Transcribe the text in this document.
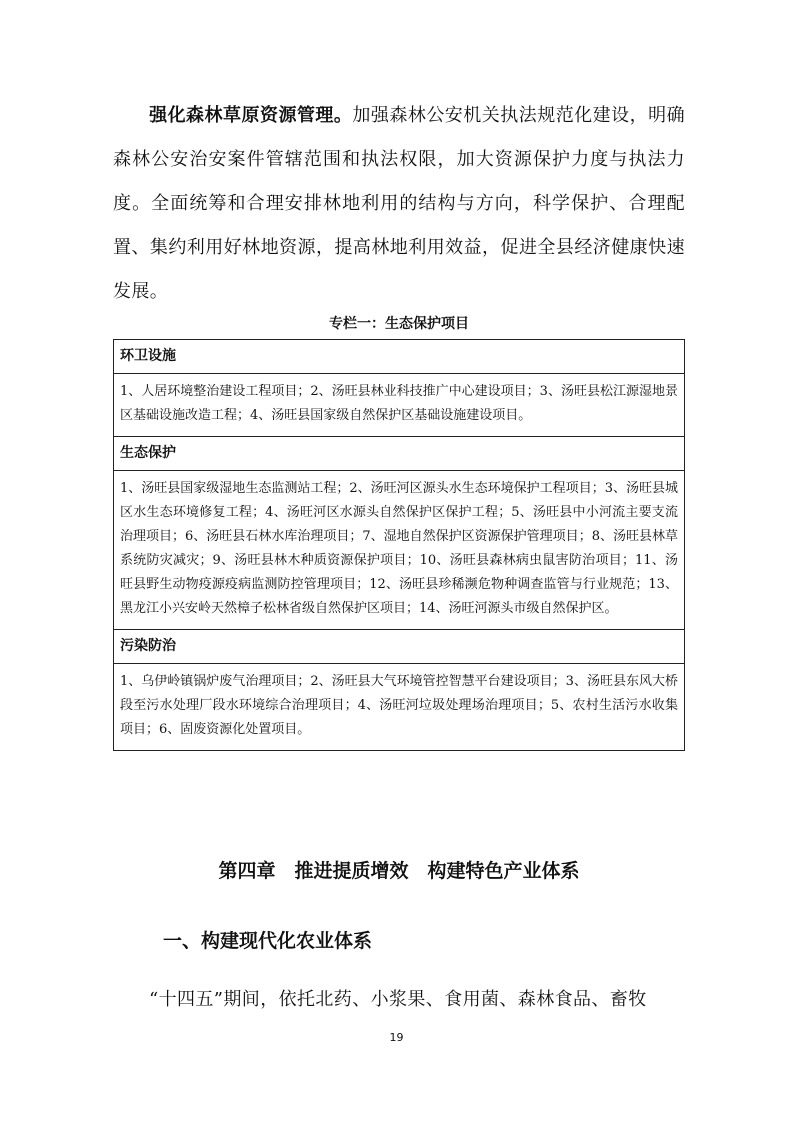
强化森林草原资源管理。加强森林公安机关执法规范化建设，明确森林公安治安案件管辖范围和执法权限，加大资源保护力度与执法力度。全面统筹和合理安排林地利用的结构与方向，科学保护、合理配置、集约利用好林地资源，提高林地利用效益，促进全县经济健康快速发展。
专栏一：生态保护项目
环卫设施
1、人居环境整治建设工程项目；2、汤旺县林业科技推广中心建设项目；3、汤旺县松江源湿地景区基础设施改造工程；4、汤旺县国家级自然保护区基础设施建设项目。
生态保护
1、汤旺县国家级湿地生态监测站工程；2、汤旺河区源头水生态环境保护工程项目；3、汤旺县城区水生态环境修复工程；4、汤旺河区水源头自然保护区保护工程；5、汤旺县中小河流主要支流治理项目；6、汤旺县石林水库治理项目；7、湿地自然保护区资源保护管理项目；8、汤旺县林草系统防灾减灾；9、汤旺县林木种质资源保护项目；10、汤旺县森林病虫鼠害防治项目；11、汤旺县野生动物疫源疫病监测防控管理项目；12、汤旺县珍稀濒危物种调查监管与行业规范；13、黑龙江小兴安岭天然樟子松林省级自然保护区项目；14、汤旺河源头市级自然保护区。
污染防治
1、乌伊岭镇锅炉废气治理项目；2、汤旺县大气环境管控智慧平台建设项目；3、汤旺县东风大桥段至污水处理厂段水环境综合治理项目；4、汤旺河垃圾处理场治理项目；5、农村生活污水收集项目；6、固废资源化处置项目。
第四章　推进提质增效　构建特色产业体系
一、构建现代化农业体系
“十四五”期间，依托北药、小浆果、食用菌、森林食品、畜牧
19
